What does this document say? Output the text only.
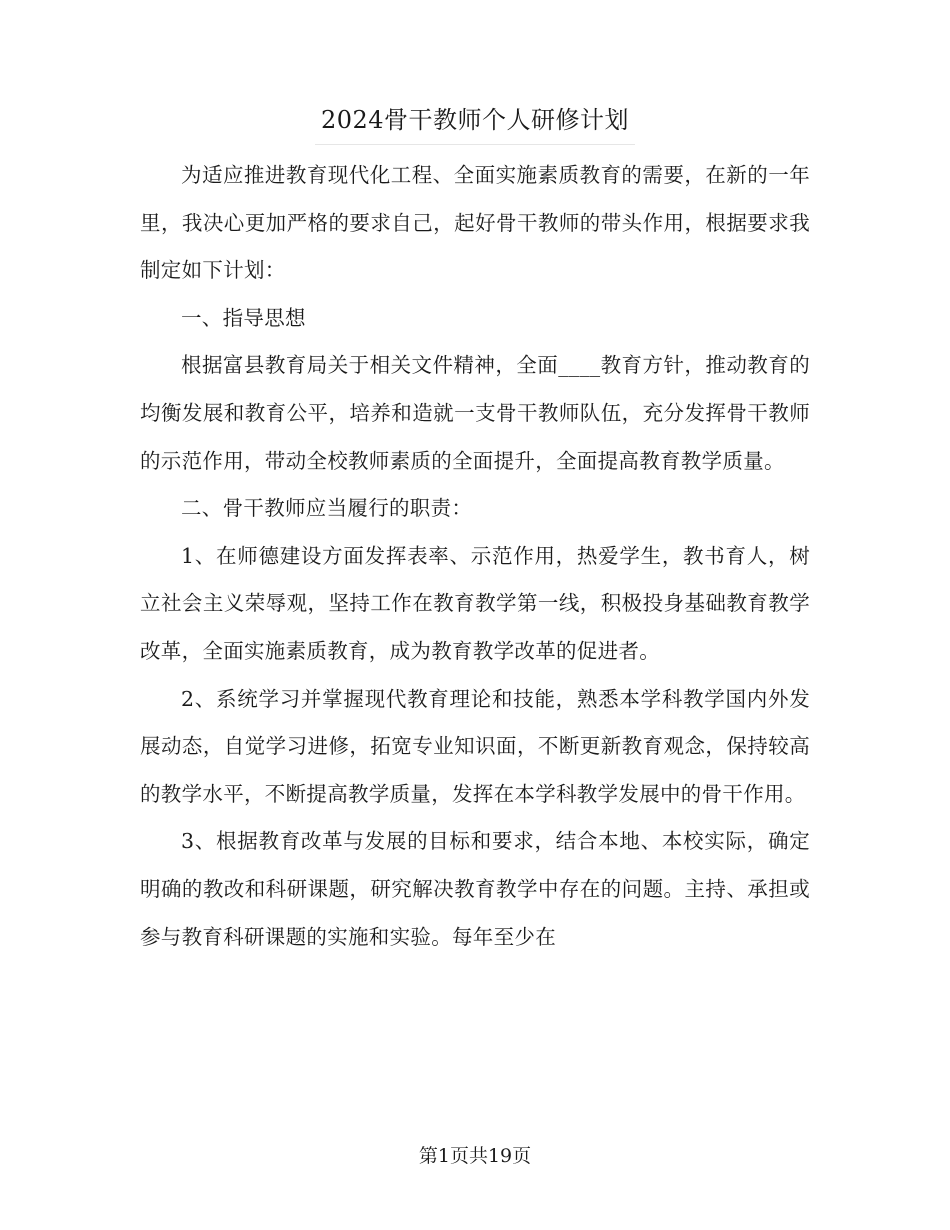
2024骨干教师个人研修计划

为适应推进教育现代化工程、全面实施素质教育的需要，在新的一年里，我决心更加严格的要求自己，起好骨干教师的带头作用，根据要求我制定如下计划：

一、指导思想

根据富县教育局关于相关文件精神，全面____教育方针，推动教育的均衡发展和教育公平，培养和造就一支骨干教师队伍，充分发挥骨干教师的示范作用，带动全校教师素质的全面提升，全面提高教育教学质量。

二、骨干教师应当履行的职责：

1、在师德建设方面发挥表率、示范作用，热爱学生，教书育人，树立社会主义荣辱观，坚持工作在教育教学第一线，积极投身基础教育教学改革，全面实施素质教育，成为教育教学改革的促进者。

2、系统学习并掌握现代教育理论和技能，熟悉本学科教学国内外发展动态，自觉学习进修，拓宽专业知识面，不断更新教育观念，保持较高的教学水平，不断提高教学质量，发挥在本学科教学发展中的骨干作用。

3、根据教育改革与发展的目标和要求，结合本地、本校实际，确定明确的教改和科研课题，研究解决教育教学中存在的问题。主持、承担或参与教育科研课题的实施和实验。每年至少在

第1页共19页
